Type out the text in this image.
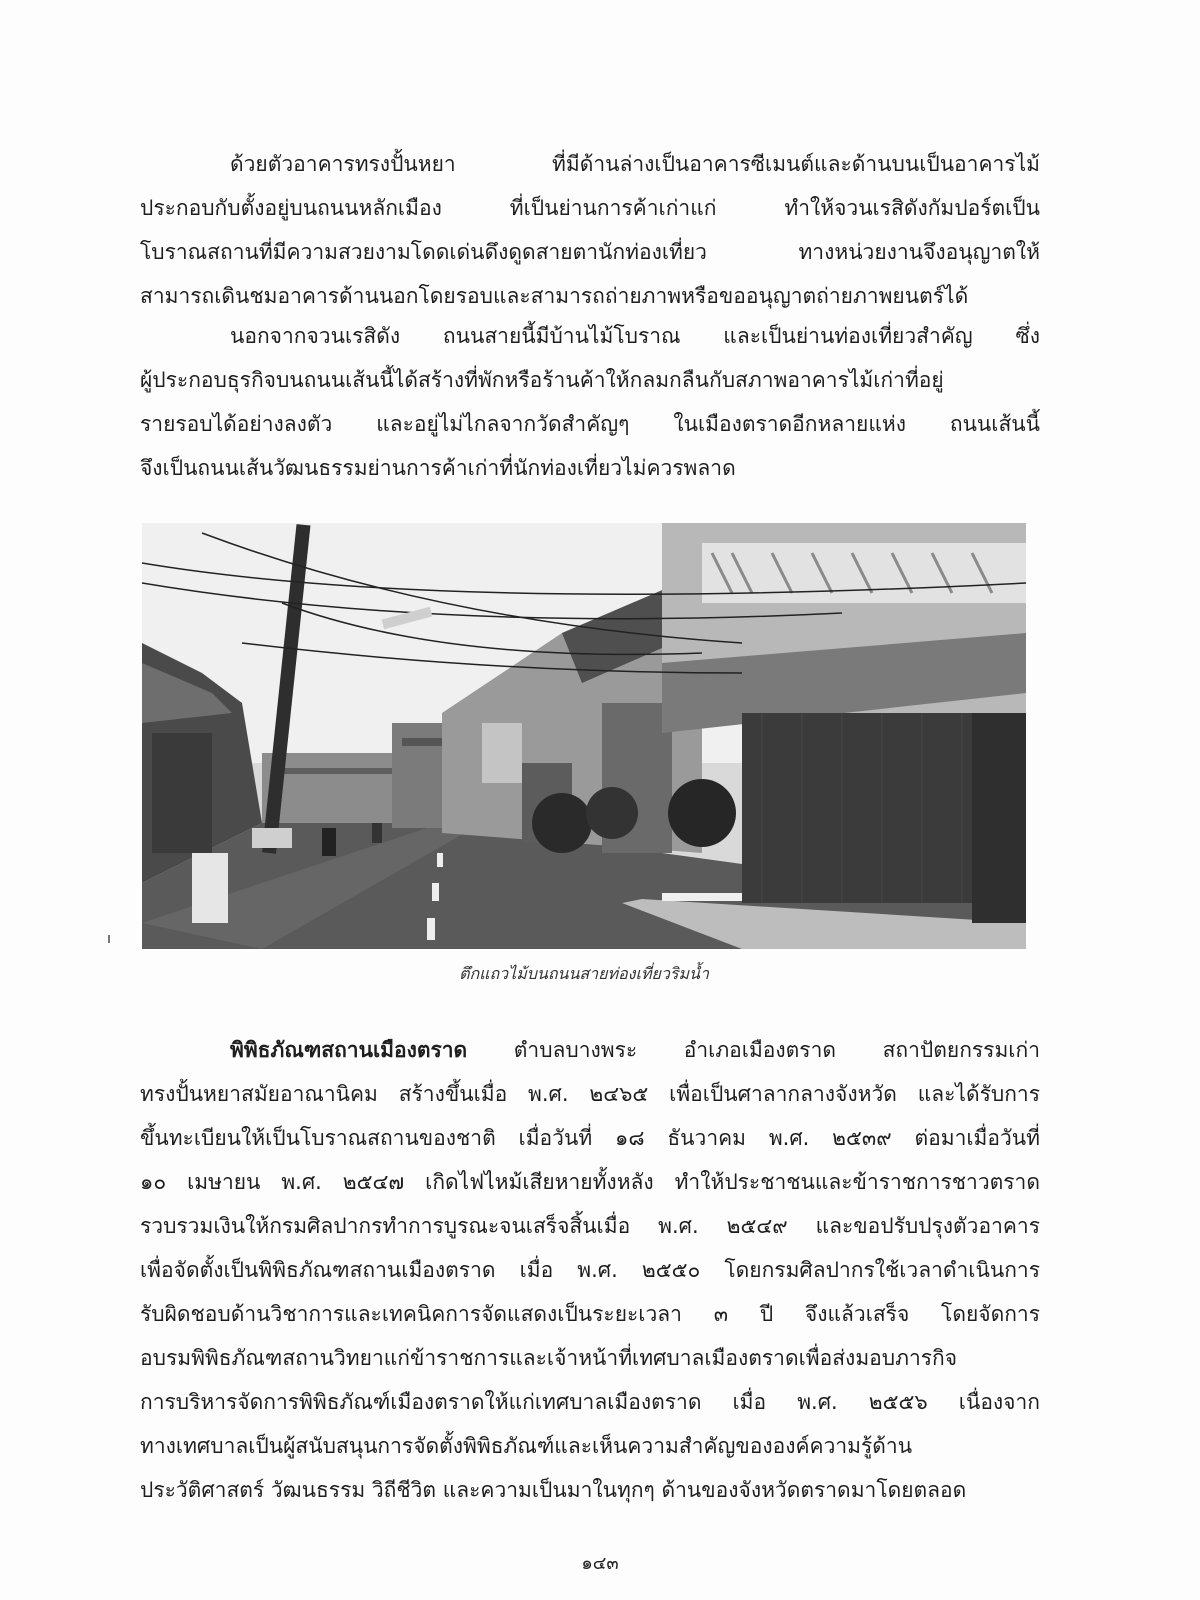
ด้วยตัวอาคารทรงปั้นหยา ที่มีด้านล่างเป็นอาคารซีเมนต์และด้านบนเป็นอาคารไม้
ประกอบกับตั้งอยู่บนถนนหลักเมือง ที่เป็นย่านการค้าเก่าแก่ ทำให้จวนเรสิดังกัมปอร์ตเป็น
โบราณสถานที่มีความสวยงามโดดเด่นดึงดูดสายตานักท่องเที่ยว ทางหน่วยงานจึงอนุญาตให้
สามารถเดินชมอาคารด้านนอกโดยรอบและสามารถถ่ายภาพหรือขออนุญาตถ่ายภาพยนตร์ได้
นอกจากจวนเรสิดัง ถนนสายนี้มีบ้านไม้โบราณ และเป็นย่านท่องเที่ยวสำคัญ ซึ่ง
ผู้ประกอบธุรกิจบนถนนเส้นนี้ได้สร้างที่พักหรือร้านค้าให้กลมกลืนกับสภาพอาคารไม้เก่าที่อยู่
รายรอบได้อย่างลงตัว และอยู่ไม่ไกลจากวัดสำคัญๆ ในเมืองตราดอีกหลายแห่ง ถนนเส้นนี้
จึงเป็นถนนเส้นวัฒนธรรมย่านการค้าเก่าที่นักท่องเที่ยวไม่ควรพลาด
ตึกแถวไม้บนถนนสายท่องเที่ยวริมน้ำ
พิพิธภัณฑสถานเมืองตราด ตำบลบางพระ อำเภอเมืองตราด สถาปัตยกรรมเก่า
ทรงปั้นหยาสมัยอาณานิคม สร้างขึ้นเมื่อ พ.ศ. ๒๔๖๕ เพื่อเป็นศาลากลางจังหวัด และได้รับการ
ขึ้นทะเบียนให้เป็นโบราณสถานของชาติ เมื่อวันที่ ๑๘ ธันวาคม พ.ศ. ๒๕๓๙ ต่อมาเมื่อวันที่
๑๐ เมษายน พ.ศ. ๒๕๔๗ เกิดไฟไหม้เสียหายทั้งหลัง ทำให้ประชาชนและข้าราชการชาวตราด
รวบรวมเงินให้กรมศิลปากรทำการบูรณะจนเสร็จสิ้นเมื่อ พ.ศ. ๒๕๔๙ และขอปรับปรุงตัวอาคาร
เพื่อจัดตั้งเป็นพิพิธภัณฑสถานเมืองตราด เมื่อ พ.ศ. ๒๕๕๐ โดยกรมศิลปากรใช้เวลาดำเนินการ
รับผิดชอบด้านวิชาการและเทคนิคการจัดแสดงเป็นระยะเวลา ๓ ปี จึงแล้วเสร็จ โดยจัดการ
อบรมพิพิธภัณฑสถานวิทยาแก่ข้าราชการและเจ้าหน้าที่เทศบาลเมืองตราดเพื่อส่งมอบภารกิจ
การบริหารจัดการพิพิธภัณฑ์เมืองตราดให้แก่เทศบาลเมืองตราด เมื่อ พ.ศ. ๒๕๕๖ เนื่องจาก
ทางเทศบาลเป็นผู้สนับสนุนการจัดตั้งพิพิธภัณฑ์และเห็นความสำคัญขององค์ความรู้ด้าน
ประวัติศาสตร์ วัฒนธรรม วิถีชีวิต และความเป็นมาในทุกๆ ด้านของจังหวัดตราดมาโดยตลอด
๑๔๓
